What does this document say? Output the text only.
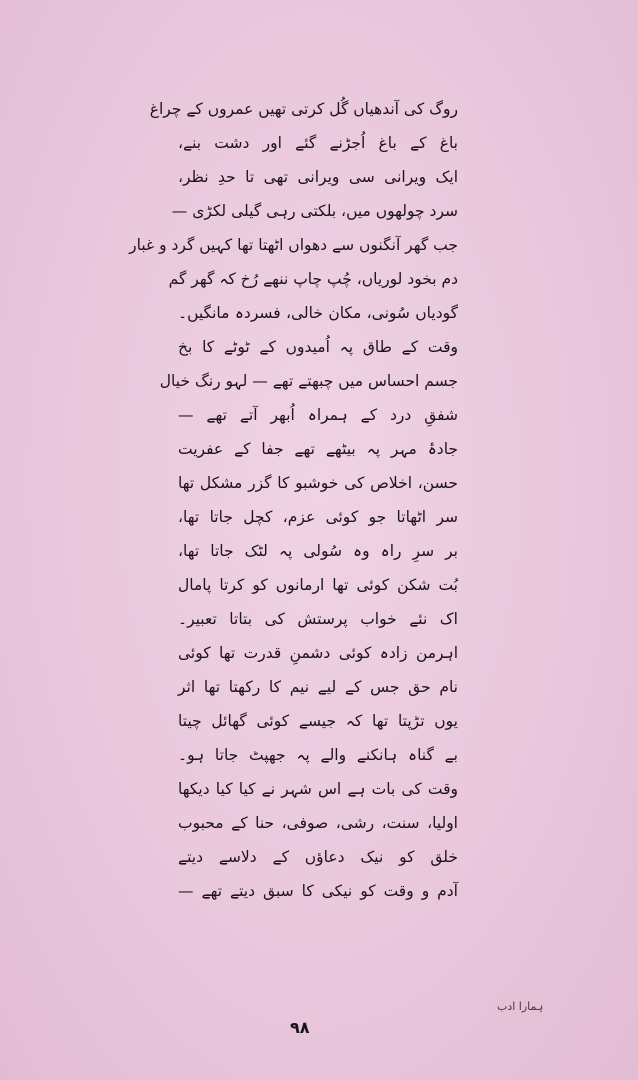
روگ کی آندھیاں گُل کرتی تھیں عمروں کے چراغ
باغ کے باغ اُجڑنے گئے اور دشت بنے،
ایک ویرانی سی ویرانی تھی تا حدِ نظر،
سرد چولھوں میں، بلکتی رہی گیلی لکڑی —
جب گھر آنگنوں سے دھواں اٹھتا تھا کہیں گرد و غبار
دم بخود لوریاں، چُپ چاپ ننھے رُخ کہ گھر گم
گودیاں سُونی، مکان خالی، فسردہ مانگیں۔
وقت کے طاق پہ اُمیدوں کے ٹوٹے کا بخ
جسم احساس میں چبھتے تھے — لہو رنگ خیال
شفقِ درد کے ہمراہ اُبھر آتے تھے —
جادۂ مہر پہ بیٹھے تھے جفا کے عفریت
حسن، اخلاص کی خوشبو کا گزر مشکل تھا
سر اٹھاتا جو کوئی عزم، کچل جاتا تھا،
بر سرِ راہ وہ سُولی پہ لٹک جاتا تھا،
بُت شکن کوئی تھا ارمانوں کو کرتا پامال
اک نئے خواب پرستش کی بتاتا تعبیر۔
اہرمن زادہ کوئی دشمنِ قدرت تھا کوئی
نام حق جس کے لیے نیم کا رکھتا تھا اثر
یوں تڑپتا تھا کہ جیسے کوئی گھائل چیتا
بے گناہ ہانکنے والے پہ جھپٹ جاتا ہو۔
وقت کی بات ہے اس شہر نے کیا کیا دیکھا
اولیا، سنت، رشی، صوفی، حنا کے محبوب
خلق کو نیک دعاؤں کے دلاسے دیتے
آدم و وقت کو نیکی کا سبق دیتے تھے —
ہمارا ادب
٩٨
